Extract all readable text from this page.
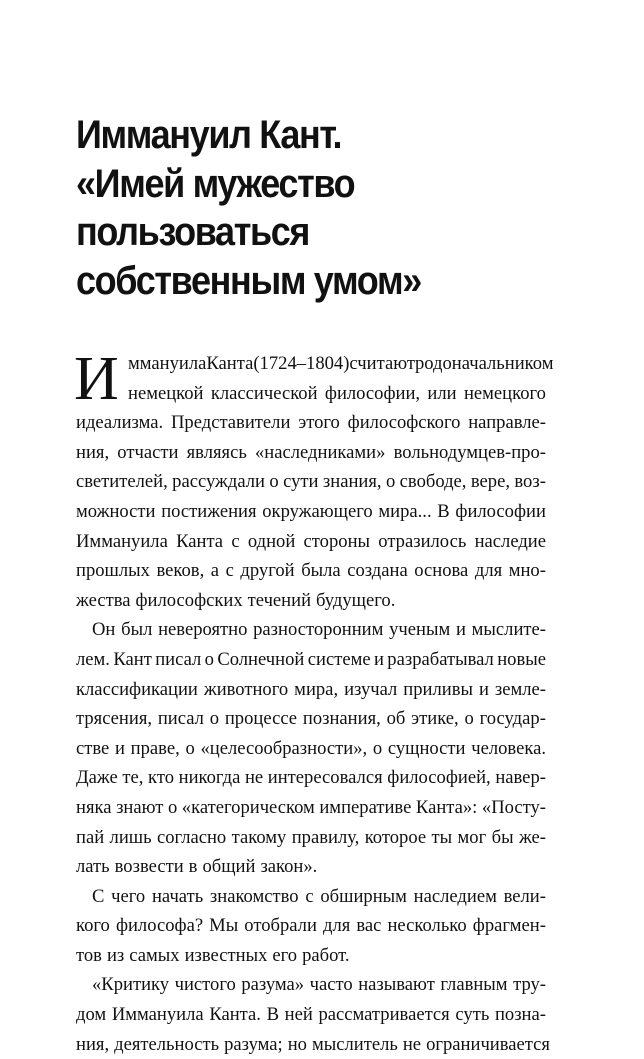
Иммануил Кант.
«Имей мужество
пользоваться
собственным умом»
И ммануила Канта (1724–1804) считают родоначальником
немецкой классической философии, или немецкого
идеализма. Представители этого философского направле-
ния, отчасти являясь «наследниками» вольнодумцев-про-
светителей, рассуждали о сути знания, о свободе, вере, воз-
можности постижения окружающего мира... В философии
Иммануила Канта с одной стороны отразилось наследие
прошлых веков, а с другой была создана основа для мно-
жества философских течений будущего.
Он был невероятно разносторонним ученым и мыслите-
лем. Кант писал о Солнечной системе и разрабатывал новые
классификации животного мира, изучал приливы и земле-
трясения, писал о процессе познания, об этике, о государ-
стве и праве, о «целесообразности», о сущности человека.
Даже те, кто никогда не интересовался философией, навер-
няка знают о «категорическом императиве Канта»: «Посту-
пай лишь согласно такому правилу, которое ты мог бы же-
лать возвести в общий закон».
С чего начать знакомство с обширным наследием вели-
кого философа? Мы отобрали для вас несколько фрагмен-
тов из самых известных его работ.
«Критику чистого разума» часто называют главным тру-
дом Иммануила Канта. В ней рассматривается суть позна-
ния, деятельность разума; но мыслитель не ограничивается
